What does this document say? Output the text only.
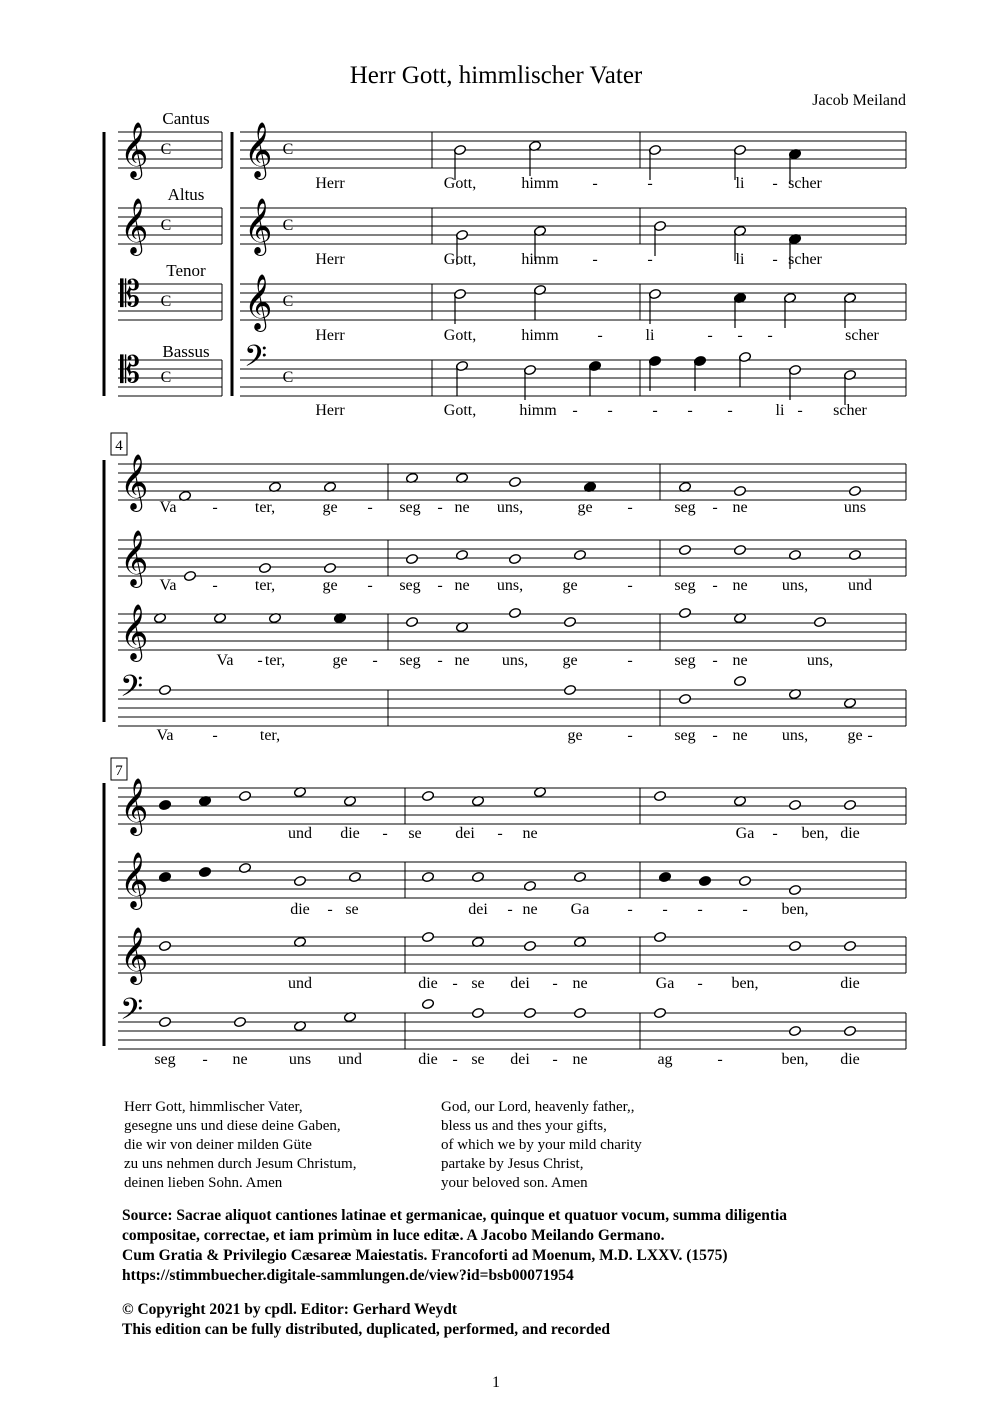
Herr Gott, himmlischer Vater
Jacob Meiland
Cantus
Altus
Tenor
Bassus
𝄞 𝄞
C	C
𝄞 𝄞
C	C
𝄡 𝄞
C	C
𝄡	𝄢
C	C
𝄞
𝄞
𝄞
𝄢
4
𝄞
𝄞
𝄞
𝄢
7
Herr	Gott,	himm -	-	li - scher
Herr	Gott,	himm -	-	li - scher
Herr	Gott,	himm -	li	- - -	scher
Herr	Gott,	himm - - - - -	li - scher
Va - ter,	ge - seg - ne uns,	ge -	seg - ne	uns
Va - ter,	ge - seg - ne uns, ge	-	seg - ne uns, und
Va - ter,	ge - seg - ne uns, ge	-	seg - ne	uns,
Va -	ter,	ge	-	seg - ne uns, ge -
und die - se dei - ne	Ga - ben, die
die - se	dei - ne Ga - - - - ben,
und	die - se dei - ne	Ga - ben,	die
seg - ne	uns und	die - se dei - ne	ag	-	ben, die
Herr Gott, himmlischer Vater,
gesegne uns und diese deine Gaben,
die wir von deiner milden Güte
zu uns nehmen durch Jesum Christum,
deinen lieben Sohn. Amen
God, our Lord, heavenly father,,
bless us and thes your gifts,
of which we by your mild charity
partake by Jesus Christ,
your beloved son. Amen
Source: Sacrae aliquot cantiones latinae et germanicae, quinque et quatuor vocum, summa diligentia
compositae, correctae, et iam primùm in luce editæ. A Jacobo Meilando Germano.
Cum Gratia & Privilegio Cæsareæ Maiestatis. Francoforti ad Moenum, M.D. LXXV. (1575)
https://stimmbuecher.digitale-sammlungen.de/view?id=bsb00071954
© Copyright 2021 by cpdl. Editor: Gerhard Weydt
This edition can be fully distributed, duplicated, performed, and recorded
1
